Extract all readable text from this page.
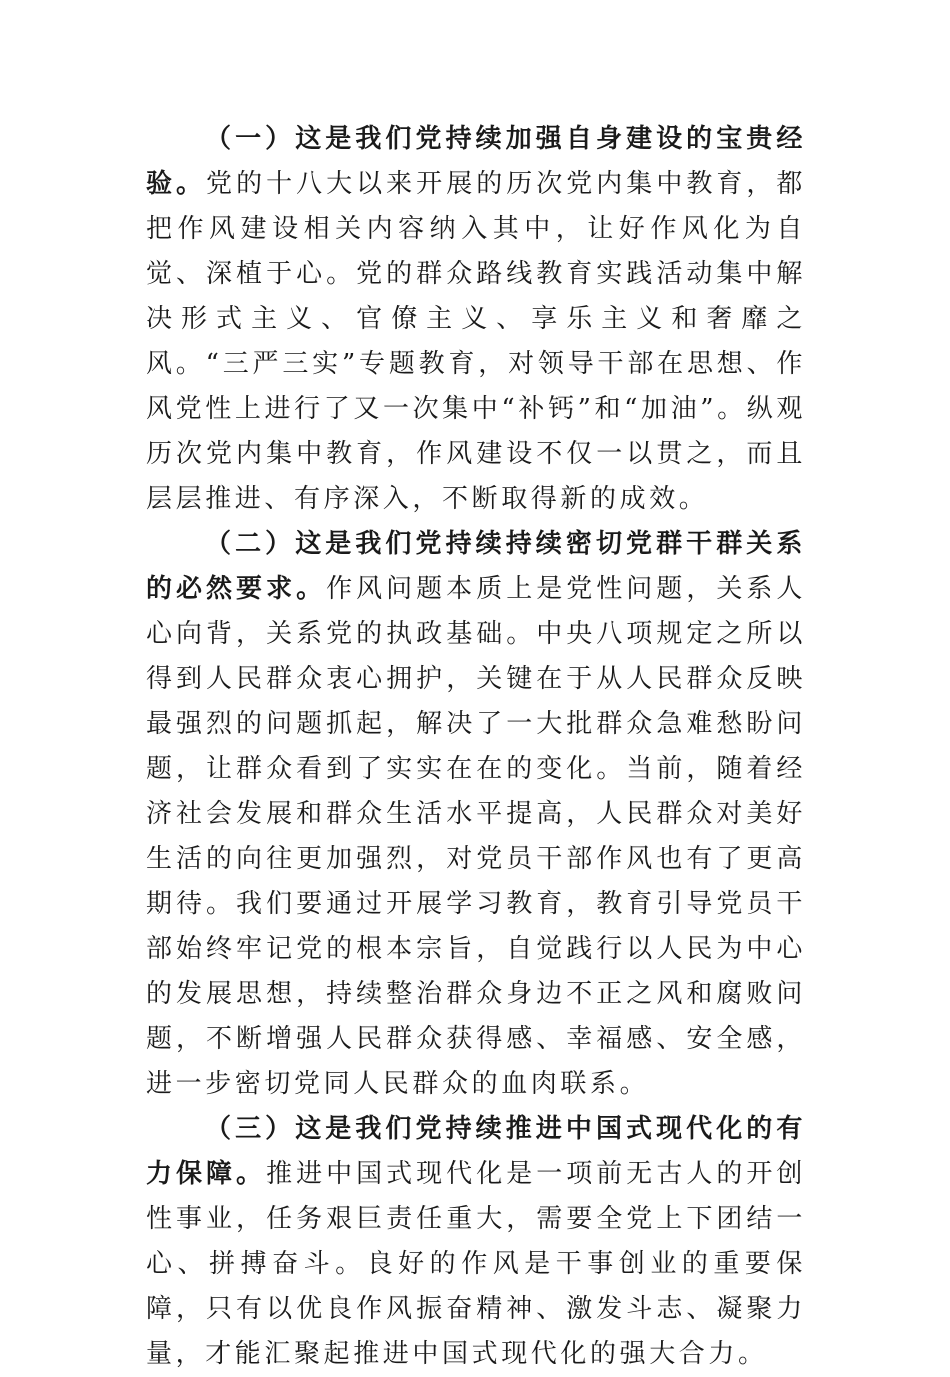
（一）这是我们党持续加强自身建设的宝贵经验。党的十八大以来开展的历次党内集中教育，都把作风建设相关内容纳入其中，让好作风化为自觉、深植于心。党的群众路线教育实践活动集中解决形式主义、官僚主义、享乐主义和奢靡之风。“三严三实”专题教育，对领导干部在思想、作风党性上进行了又一次集中“补钙”和“加油”。纵观历次党内集中教育，作风建设不仅一以贯之，而且层层推进、有序深入，不断取得新的成效。

（二）这是我们党持续持续密切党群干群关系的必然要求。作风问题本质上是党性问题，关系人心向背，关系党的执政基础。中央八项规定之所以得到人民群众衷心拥护，关键在于从人民群众反映最强烈的问题抓起，解决了一大批群众急难愁盼问题，让群众看到了实实在在的变化。当前，随着经济社会发展和群众生活水平提高，人民群众对美好生活的向往更加强烈，对党员干部作风也有了更高期待。我们要通过开展学习教育，教育引导党员干部始终牢记党的根本宗旨，自觉践行以人民为中心的发展思想，持续整治群众身边不正之风和腐败问题，不断增强人民群众获得感、幸福感、安全感，进一步密切党同人民群众的血肉联系。

（三）这是我们党持续推进中国式现代化的有力保障。推进中国式现代化是一项前无古人的开创性事业，任务艰巨责任重大，需要全党上下团结一心、拼搏奋斗。良好的作风是干事创业的重要保障，只有以优良作风振奋精神、激发斗志、凝聚力量，才能汇聚起推进中国式现代化的强大合力。
